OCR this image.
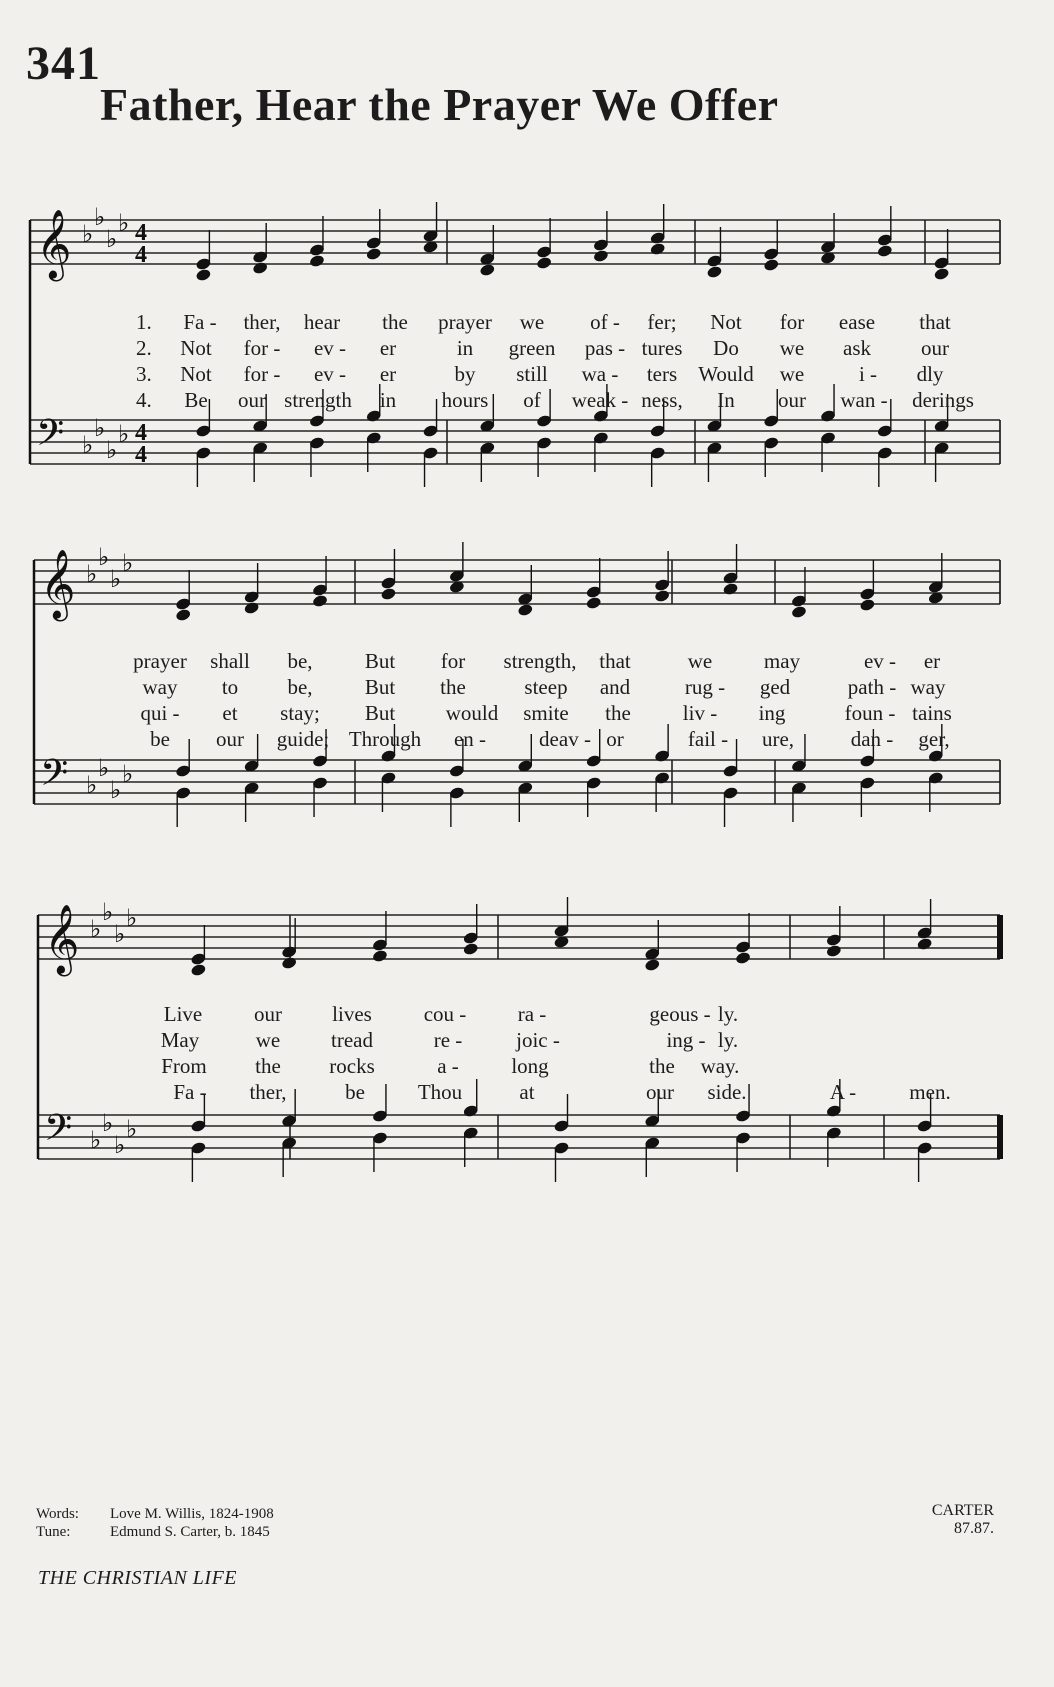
341
Father, Hear the Prayer We Offer
𝄞 ♭
♭
♭
♭ 4
4
𝄢 ♭
♭
♭
♭ 4
4
𝄞 ♭
♭
♭
♭
𝄢 ♭
♭
♭
♭
𝄞 ♭
♭
♭
♭
𝄢 ♭
♭
♭
♭
1. Fa - ther, hear the prayer we of - fer; Not for ease that
2. Not for - ev - er	in green pas - tures Do we ask our
3. Not for - ev - er	by still wa - ters Would we	i - dly
4. Be our strength in hours of weak - ness, In our wan - derings
prayer shall be, But for strength, that	we may	ev - er
way to be, But the	steep and	rug - ged	path - way
qui - et stay; But would smite the liv - ing	foun - tains
be our guide; Through en -	deav - or	fail - ure,	dan - ger,
Live our lives cou - ra -	geous - ly.
May	we tread	re -	joic -	ing - ly.
From the rocks	a -	long	the way.
Fa - ther,	be	Thou	at	our side.	A -	men.
Words: Love M. Willis, 1824-1908
Tune:	Edmund S. Carter, b. 1845
CARTER
87.87.
THE CHRISTIAN LIFE
